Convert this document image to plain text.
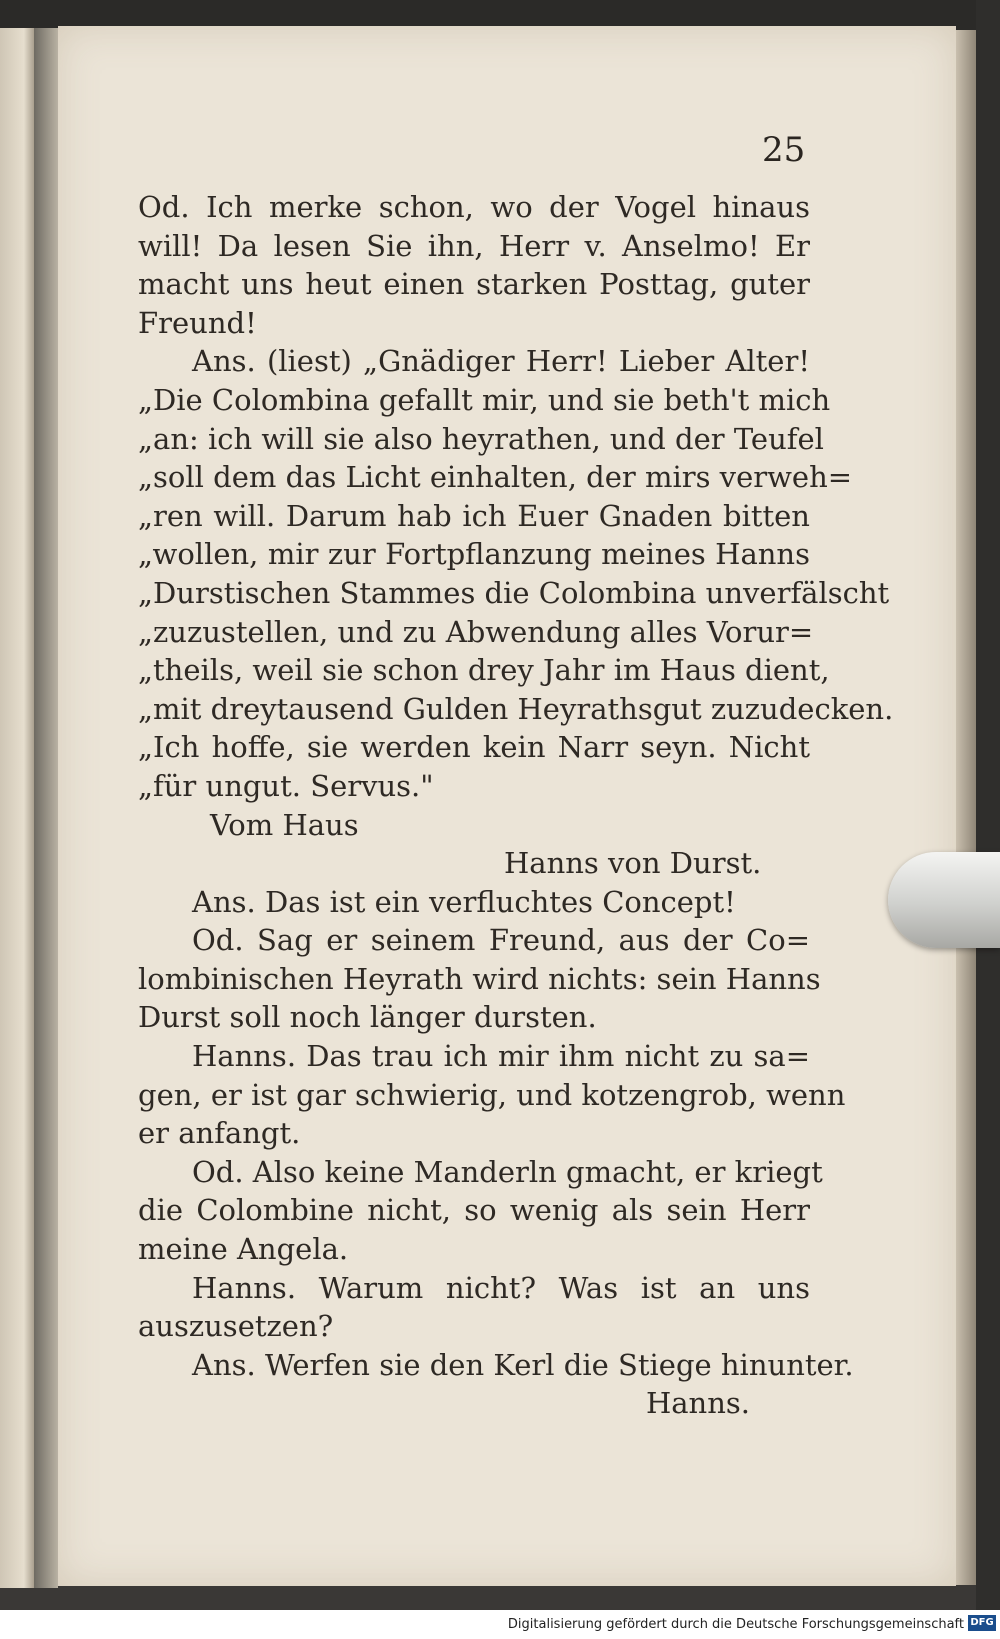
25
Od. Ich merke schon, wo der Vogel hinaus
will! Da lesen Sie ihn, Herr v. Anselmo! Er
macht uns heut einen starken Posttag, guter
Freund!
Ans. (liest) „Gnädiger Herr! Lieber Alter!
„Die Colombina gefallt mir, und sie beth't mich
„an: ich will sie also heyrathen, und der Teufel
„soll dem das Licht einhalten, der mirs verweh=
„ren will. Darum hab ich Euer Gnaden bitten
„wollen, mir zur Fortpflanzung meines Hanns
„Durstischen Stammes die Colombina unverfälscht
„zuzustellen, und zu Abwendung alles Vorur=
„theils, weil sie schon drey Jahr im Haus dient,
„mit dreytausend Gulden Heyrathsgut zuzudecken.
„Ich hoffe, sie werden kein Narr seyn. Nicht
„für ungut. Servus."
Vom Haus
Hanns von Durst.
Ans. Das ist ein verfluchtes Concept!
Od. Sag er seinem Freund, aus der Co=
lombinischen Heyrath wird nichts: sein Hanns
Durst soll noch länger dursten.
Hanns. Das trau ich mir ihm nicht zu sa=
gen, er ist gar schwierig, und kotzengrob, wenn
er anfangt.
Od. Also keine Manderln gmacht, er kriegt
die Colombine nicht, so wenig als sein Herr
meine Angela.
Hanns. Warum nicht? Was ist an uns
auszusetzen?
Ans. Werfen sie den Kerl die Stiege hinunter.
Hanns.
Digitalisierung gefördert durch die Deutsche Forschungsgemeinschaft DFG
